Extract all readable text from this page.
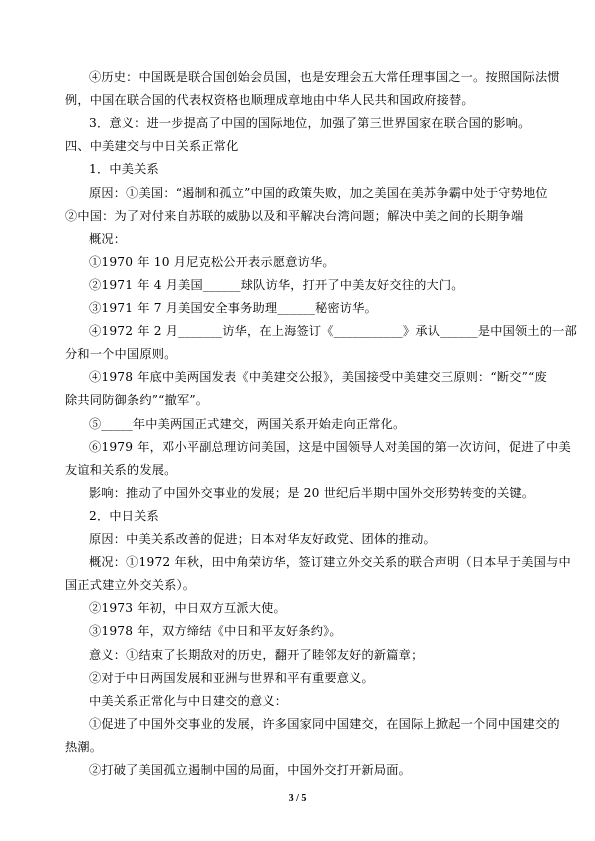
④历史：中国既是联合国创始会员国，也是安理会五大常任理事国之一。按照国际法惯
例，中国在联合国的代表权资格也顺理成章地由中华人民共和国政府接替。
3．意义：进一步提高了中国的国际地位，加强了第三世界国家在联合国的影响。
四、中美建交与中日关系正常化
1．中美关系
原因：①美国：“遏制和孤立”中国的政策失败，加之美国在美苏争霸中处于守势地位
②中国：为了对付来自苏联的威胁以及和平解决台湾问题；解决中美之间的长期争端
概况：
①1970 年 10 月尼克松公开表示愿意访华。
②1971 年 4 月美国______球队访华，打开了中美友好交往的大门。
③1971 年 7 月美国安全事务助理______秘密访华。
④1972 年 2 月_______访华，在上海签订《___________》承认______是中国领土的一部
分和一个中国原则。
④1978 年底中美两国发表《中美建交公报》，美国接受中美建交三原则：“断交”“废
除共同防御条约”“撤军”。
⑤_____年中美两国正式建交，两国关系开始走向正常化。
⑥1979 年，邓小平副总理访问美国，这是中国领导人对美国的第一次访问，促进了中美
友谊和关系的发展。
影响：推动了中国外交事业的发展；是 20 世纪后半期中国外交形势转变的关键。
2．中日关系
原因：中美关系改善的促进；日本对华友好政党、团体的推动。
概况：①1972 年秋，田中角荣访华，签订建立外交关系的联合声明（日本早于美国与中
国正式建立外交关系）。
②1973 年初，中日双方互派大使。
③1978 年，双方缔结《中日和平友好条约》。
意义：①结束了长期敌对的历史，翻开了睦邻友好的新篇章；
②对于中日两国发展和亚洲与世界和平有重要意义。
中美关系正常化与中日建交的意义：
①促进了中国外交事业的发展，许多国家同中国建交，在国际上掀起一个同中国建交的
热潮。
②打破了美国孤立遏制中国的局面，中国外交打开新局面。
3 / 5
